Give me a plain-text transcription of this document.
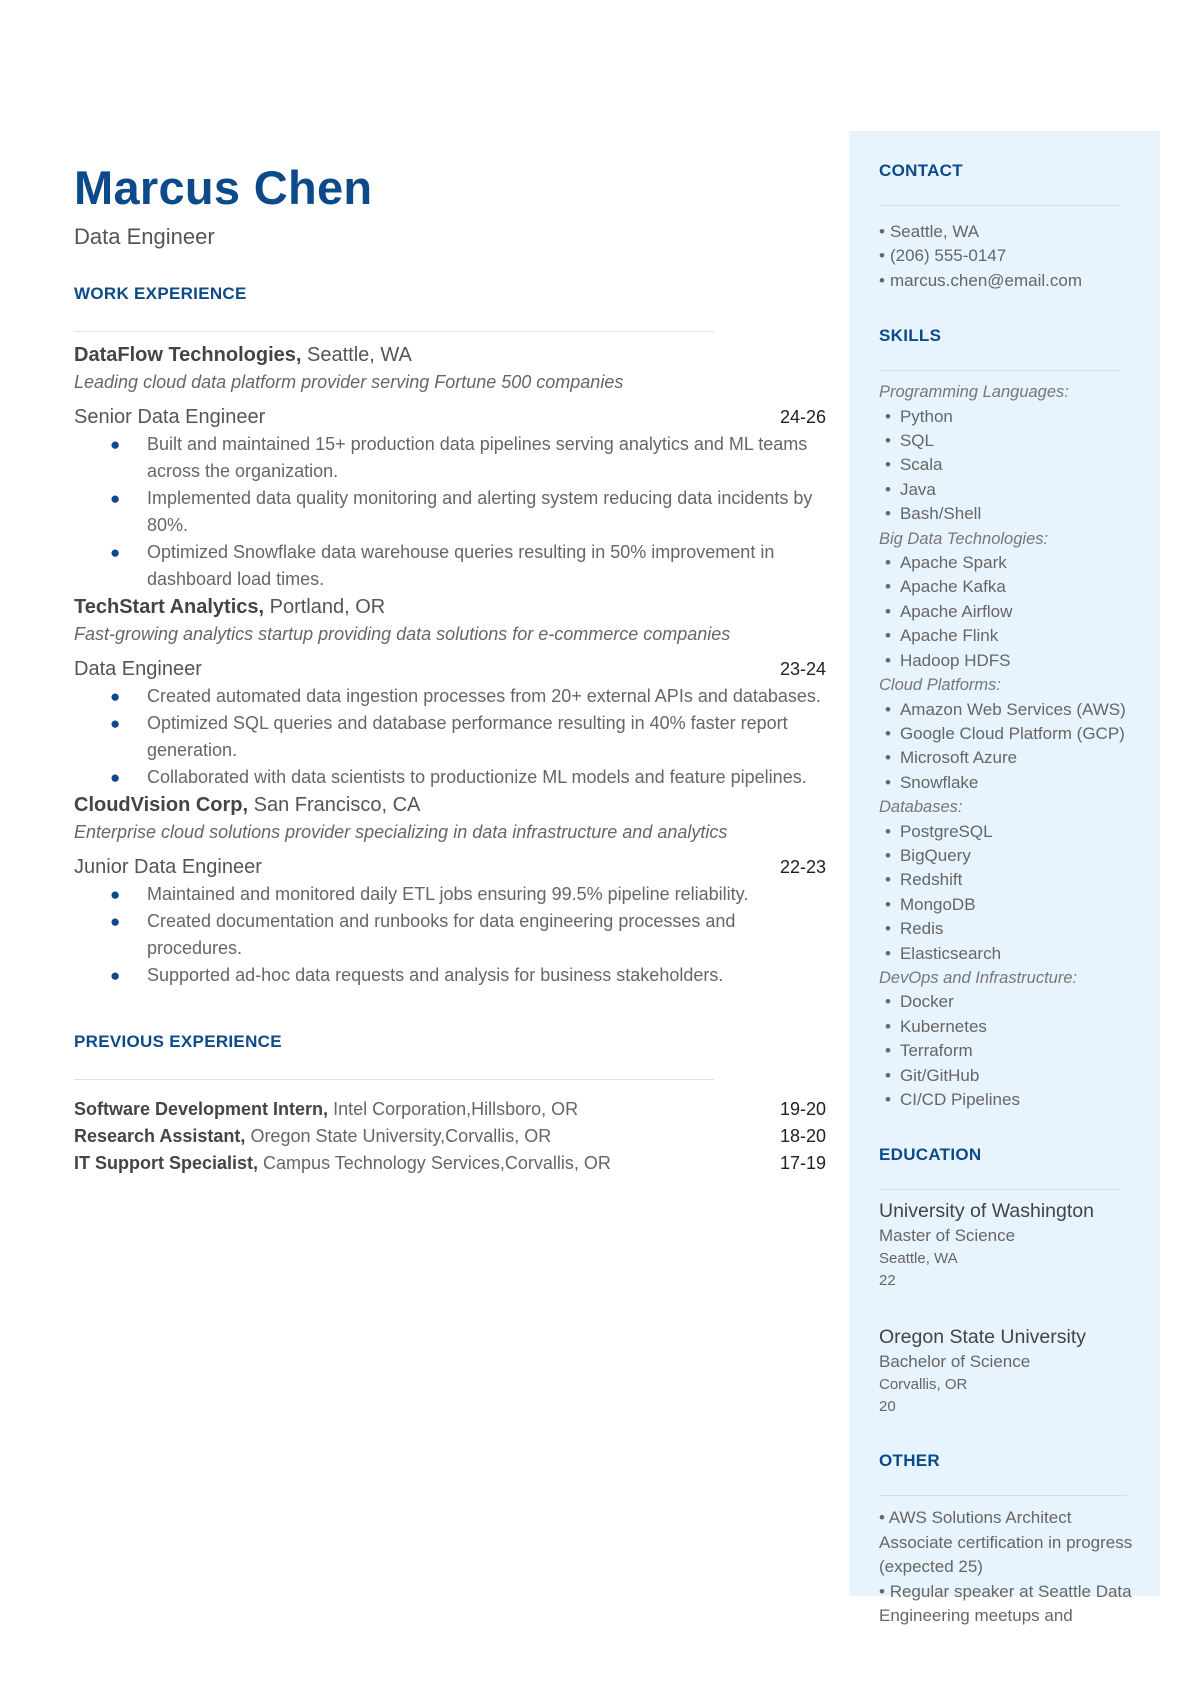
Marcus Chen
Data Engineer
WORK EXPERIENCE
DataFlow Technologies, Seattle, WA
Leading cloud data platform provider serving Fortune 500 companies
Senior Data Engineer	24-26
● Built and maintained 15+ production data pipelines serving analytics and ML teams across the organization.
● Implemented data quality monitoring and alerting system reducing data incidents by 80%.
● Optimized Snowflake data warehouse queries resulting in 50% improvement in dashboard load times.
TechStart Analytics, Portland, OR
Fast-growing analytics startup providing data solutions for e-commerce companies
Data Engineer	23-24
● Created automated data ingestion processes from 20+ external APIs and databases.
● Optimized SQL queries and database performance resulting in 40% faster report generation.
● Collaborated with data scientists to productionize ML models and feature pipelines.
CloudVision Corp, San Francisco, CA
Enterprise cloud solutions provider specializing in data infrastructure and analytics
Junior Data Engineer	22-23
● Maintained and monitored daily ETL jobs ensuring 99.5% pipeline reliability.
● Created documentation and runbooks for data engineering processes and procedures.
● Supported ad-hoc data requests and analysis for business stakeholders.
PREVIOUS EXPERIENCE
Software Development Intern, Intel Corporation,Hillsboro, OR	19-20
Research Assistant, Oregon State University,Corvallis, OR	18-20
IT Support Specialist, Campus Technology Services,Corvallis, OR	17-19
CONTACT
• Seattle, WA
• (206) 555-0147
• marcus.chen@email.com
SKILLS
Programming Languages:
• Python
• SQL
• Scala
• Java
• Bash/Shell
Big Data Technologies:
• Apache Spark
• Apache Kafka
• Apache Airflow
• Apache Flink
• Hadoop HDFS
Cloud Platforms:
• Amazon Web Services (AWS)
• Google Cloud Platform (GCP)
• Microsoft Azure
• Snowflake
Databases:
• PostgreSQL
• BigQuery
• Redshift
• MongoDB
• Redis
• Elasticsearch
DevOps and Infrastructure:
• Docker
• Kubernetes
• Terraform
• Git/GitHub
• CI/CD Pipelines
EDUCATION
University of Washington
Master of Science
Seattle, WA
22
Oregon State University
Bachelor of Science
Corvallis, OR
20
OTHER
• AWS Solutions Architect Associate certification in progress (expected 25)
• Regular speaker at Seattle Data Engineering meetups and
